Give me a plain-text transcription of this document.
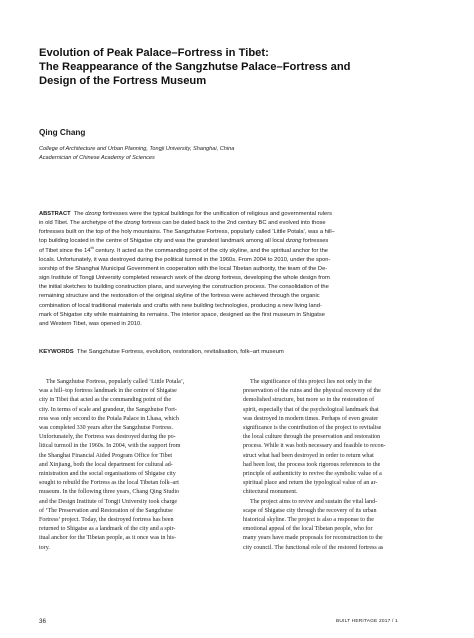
Evolution of Peak Palace–Fortress in Tibet:
The Reappearance of the Sangzhutse Palace–Fortress and
Design of the Fortress Museum
Qing Chang
College of Architecture and Urban Planning, Tongji University, Shanghai, China
Acadernician of Chinese Academy of Sciences
ABSTRACT The dzong fortresses were the typical buildings for the unification of religious and governmental rulers
in old Tibet. The archetype of the dzong fortress can be dated back to the 2nd century BC and evolved into those
fortresses built on the top of the holy mountains. The Sangzhutse Fortress, popularly called ‘Little Potala’, was a hill–
top building located in the centre of Shigatse city and was the grandest landmark among all local dzong fortresses
of Tibet since the 14th century. It acted as the commanding point of the city skyline, and the spiritual anchor for the
locals. Unfortunately, it was destroyed during the political turmoil in the 1960s. From 2004 to 2010, under the spon-
sorship of the Shanghai Municipal Government in cooperation with the local Tibetan authority, the team of the De-
sign Institute of Tongji University completed research work of the dzong fortress, developing the whole design from
the initial sketches to building construction plans, and surveying the construction process. The consolidation of the
remaining structure and the restoration of the original skyline of the fortress were achieved through the organic
combination of local traditional materials and crafts with new building technologies, producing a new living land-
mark of Shigatse city while maintaining its remains. The interior space, designed as the first museum in Shigatse
and Western Tibet, was opened in 2010.
KEYWORDS The Sangzhutse Fortress, evolution, restoration, revitalisation, folk–art museum
The Sangzhutse Fortress, popularly called ‘Little Potala’,
was a hill–top fortress landmark in the centre of Shigatse
city in Tibet that acted as the commanding point of the
city. In terms of scale and grandeur, the Sangzhutse Fort-
ress was only second to the Potala Palace in Lhasa, which
was completed 330 years after the Sangzhutse Fortress.
Unfortunately, the Fortress was destroyed during the po-
litical turmoil in the 1960s. In 2004, with the support from
the Shanghai Financial Aided Program Office for Tibet
and Xinjiang, both the local department for cultural ad-
ministration and the social organisations of Shigatse city
sought to rebuild the Fortress as the local Tibetan folk–art
museum. In the following three years, Chang Qing Studio
and the Design Institute of Tongji University took charge
of ‘The Preservation and Restoration of the Sangzhutse
Fortress’ project. Today, the destroyed fortress has been
returned to Shigatse as a landmark of the city and a spir-
itual anchor for the Tibetan people, as it once was in his-
tory.
The significance of this project lies not only in the
preservation of the ruins and the physical recovery of the
demolished structure, but more so in the restoration of
spirit, especially that of the psychological landmark that
was destroyed in modern times. Perhaps of even greater
significance is the contribution of the project to revitalise
the local culture through the preservation and restoration
process. While it was both necessary and feasible to recon-
struct what had been destroyed in order to return what
had been lost, the process took rigorous references to the
principle of authenticity to revive the symbolic value of a
spiritual place and return the typological value of an ar-
chitectural monument.
The project aims to revive and sustain the vital land-
scape of Shigatse city through the recovery of its urban
historical skyline. The project is also a response to the
emotional appeal of the local Tibetan people, who for
many years have made proposals for reconstruction to the
city council. The functional role of the restored fortress as
36	BUILT HERITAGE 2017 / 1
